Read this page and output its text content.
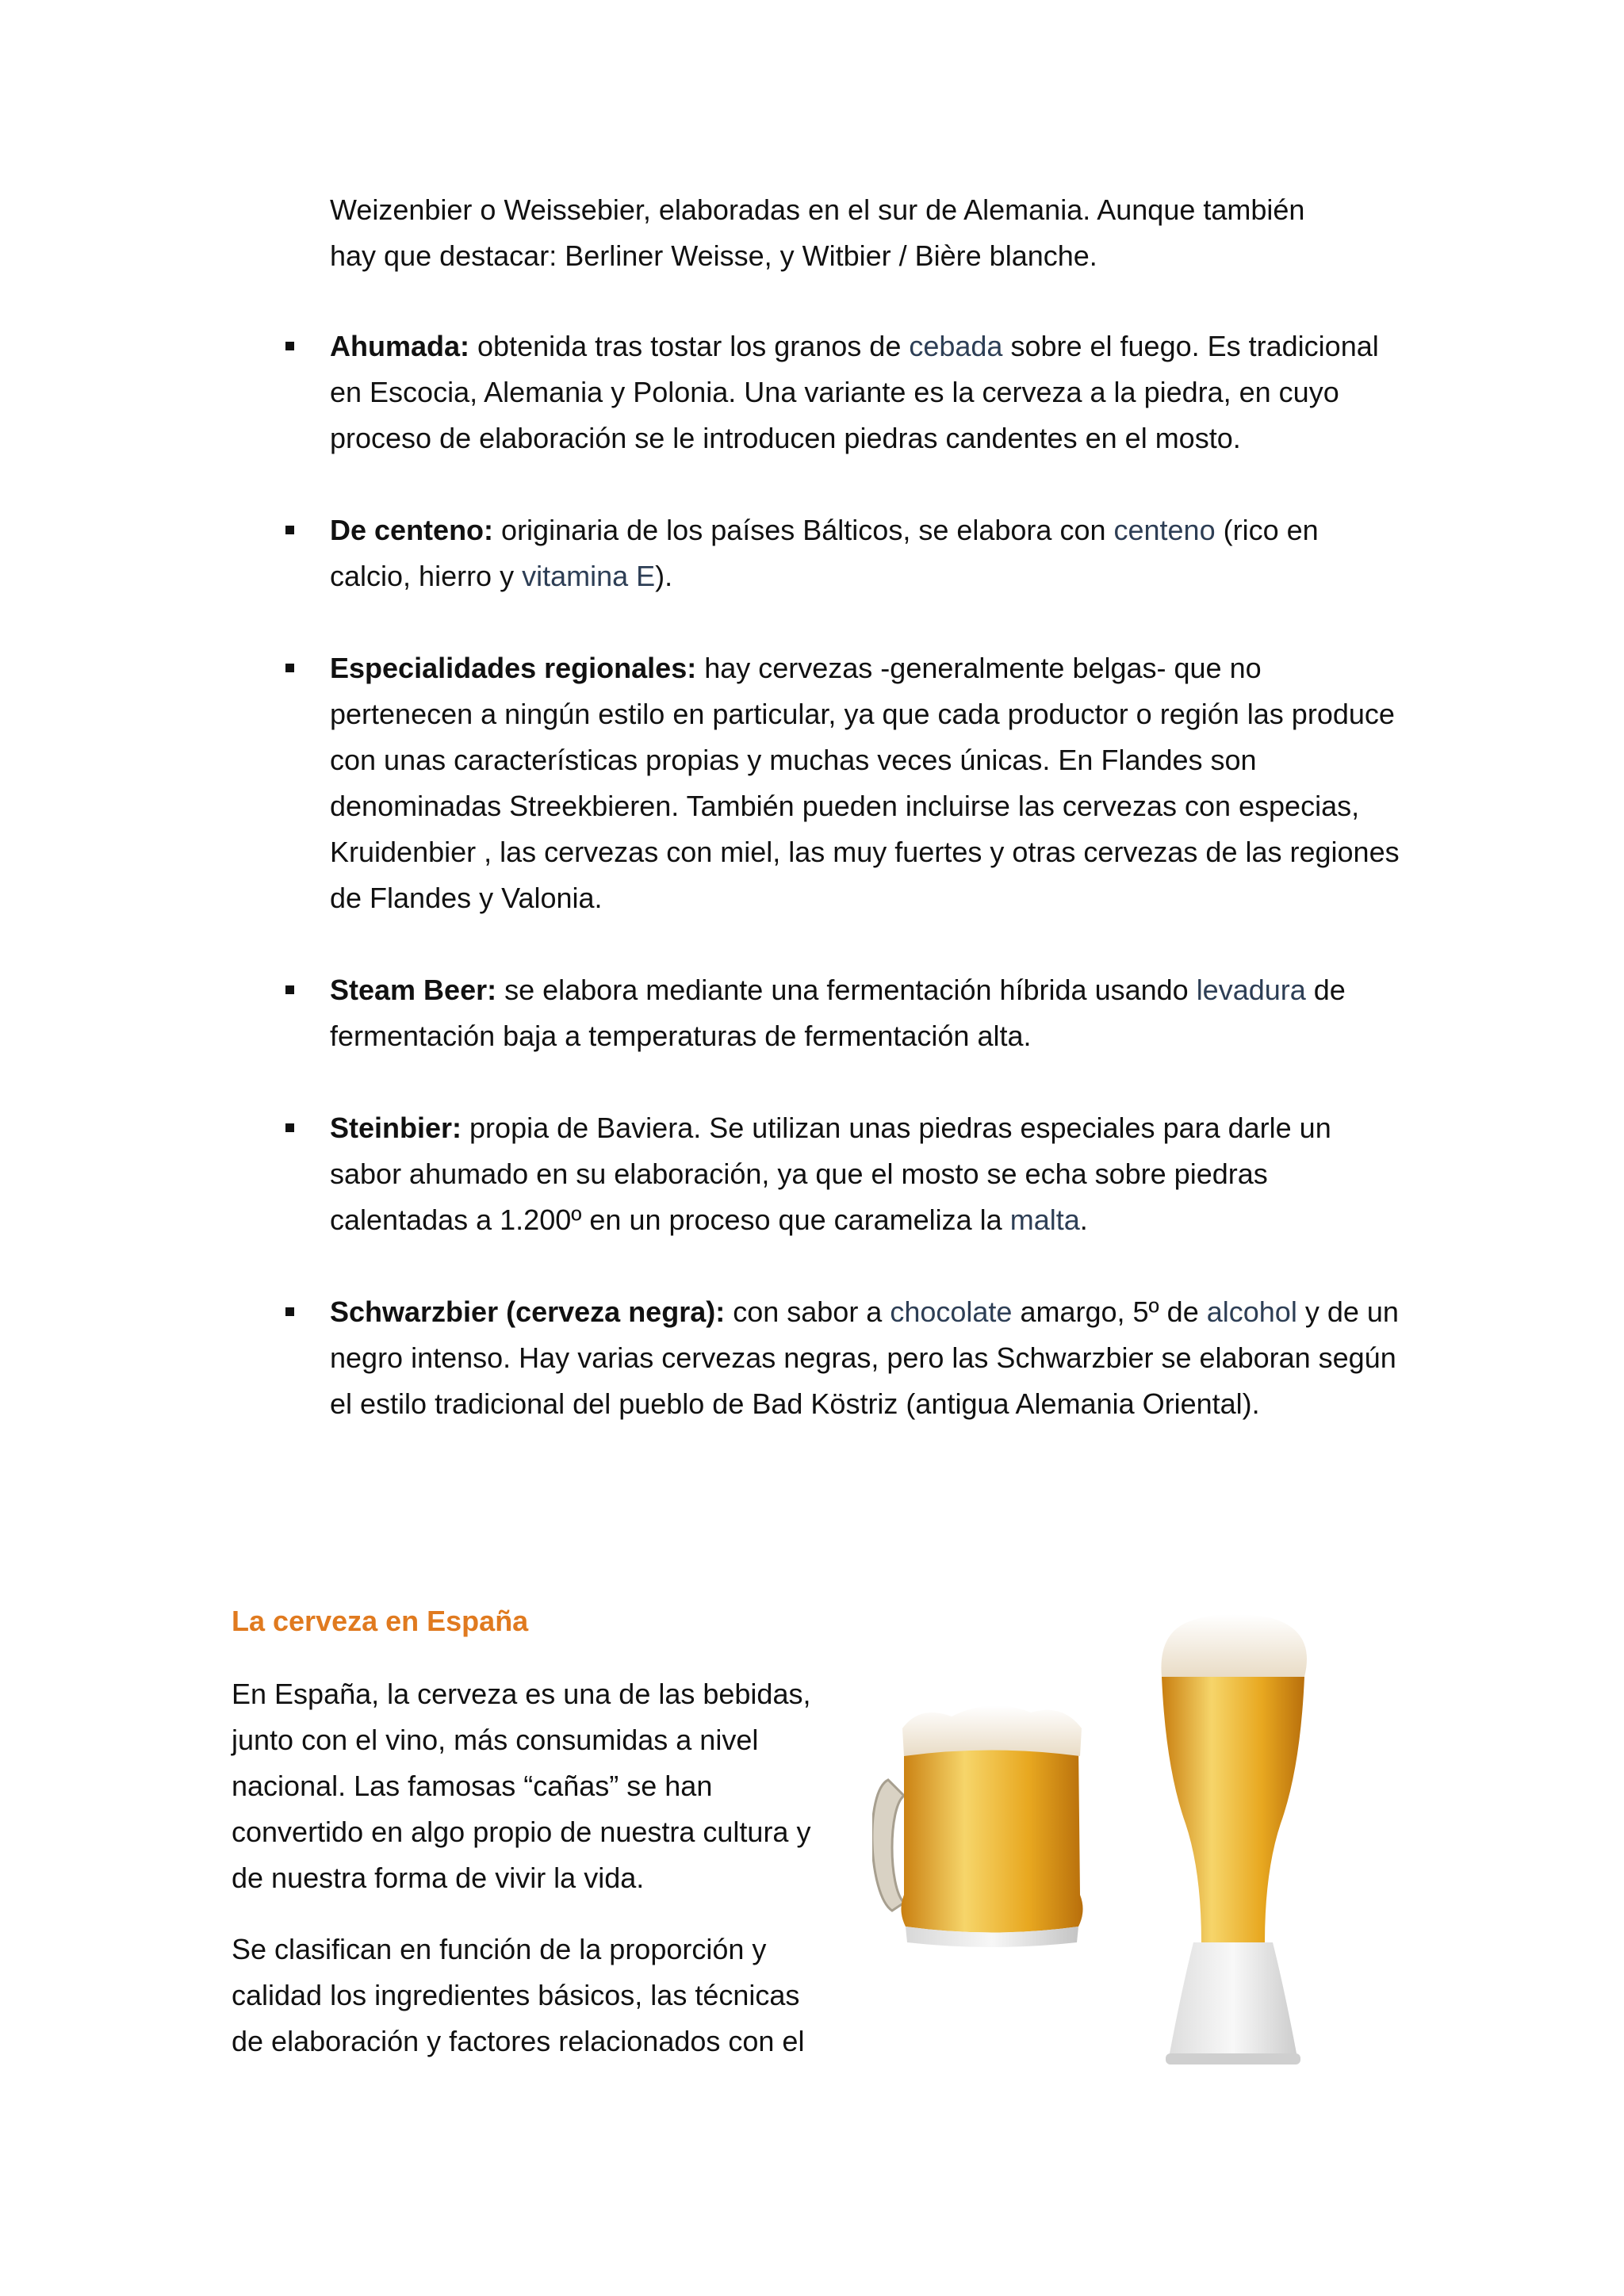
Weizenbier o Weissebier, elaboradas en el sur de Alemania. Aunque también
hay que destacar: Berliner Weisse, y Witbier / Bière blanche.

Ahumada: obtenida tras tostar los granos de cebada sobre el fuego. Es tradicional en Escocia, Alemania y Polonia. Una variante es la cerveza a la piedra, en cuyo proceso de elaboración se le introducen piedras candentes en el mosto.
De centeno: originaria de los países Bálticos, se elabora con centeno (rico en calcio, hierro y vitamina E).
Especialidades regionales: hay cervezas -generalmente belgas- que no pertenecen a ningún estilo en particular, ya que cada productor o región las produce con unas características propias y muchas veces únicas. En Flandes son denominadas Streekbieren. También pueden incluirse las cervezas con especias, Kruidenbier , las cervezas con miel, las muy fuertes y otras cervezas de las regiones de Flandes y Valonia.
Steam Beer: se elabora mediante una fermentación híbrida usando levadura de fermentación baja a temperaturas de fermentación alta.
Steinbier: propia de Baviera. Se utilizan unas piedras especiales para darle un sabor ahumado en su elaboración, ya que el mosto se echa sobre piedras calentadas a 1.200º en un proceso que carameliza la malta.
Schwarzbier (cerveza negra): con sabor a chocolate amargo, 5º de alcohol y de un negro intenso. Hay varias cervezas negras, pero las Schwarzbier se elaboran según el estilo tradicional del pueblo de Bad Köstriz (antigua Alemania Oriental).
La cerveza en España

En España, la cerveza es una de las bebidas,
junto con el vino, más consumidas a nivel
nacional. Las famosas “cañas” se han
convertido en algo propio de nuestra cultura y
de nuestra forma de vivir la vida.

Se clasifican en función de la proporción y
calidad los ingredientes básicos, las técnicas
de elaboración y factores relacionados con el
